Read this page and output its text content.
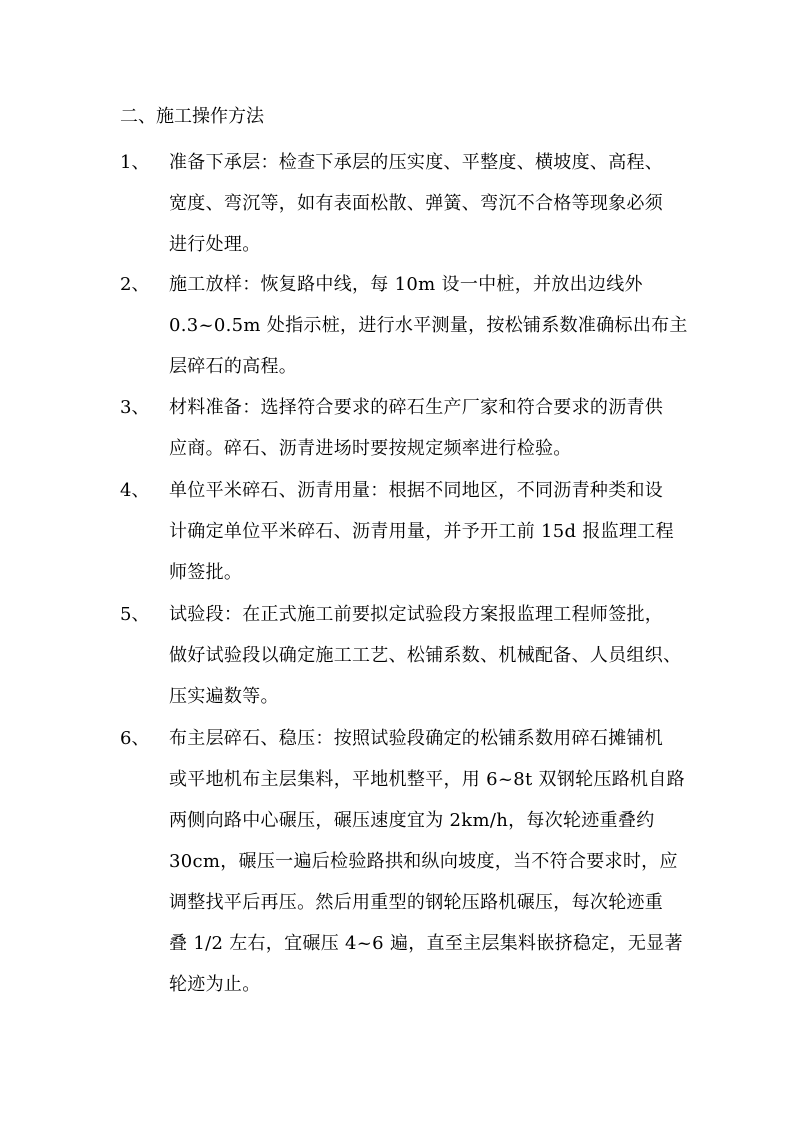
二、施工操作方法
1、 准备下承层：检查下承层的压实度、平整度、横坡度、高程、
宽度、弯沉等，如有表面松散、弹簧、弯沉不合格等现象必须
进行处理。
2、 施工放样：恢复路中线，每 10m 设一中桩，并放出边线外
0.3~0.5m 处指示桩，进行水平测量，按松铺系数准确标出布主
层碎石的高程。
3、 材料准备：选择符合要求的碎石生产厂家和符合要求的沥青供
应商。碎石、沥青进场时要按规定频率进行检验。
4、 单位平米碎石、沥青用量：根据不同地区，不同沥青种类和设
计确定单位平米碎石、沥青用量，并予开工前 15d 报监理工程
师签批。
5、 试验段：在正式施工前要拟定试验段方案报监理工程师签批，
做好试验段以确定施工工艺、松铺系数、机械配备、人员组织、
压实遍数等。
6、 布主层碎石、稳压：按照试验段确定的松铺系数用碎石摊铺机
或平地机布主层集料，平地机整平，用 6~8t 双钢轮压路机自路
两侧向路中心碾压，碾压速度宜为 2km/h，每次轮迹重叠约
30cm，碾压一遍后检验路拱和纵向坡度，当不符合要求时，应
调整找平后再压。然后用重型的钢轮压路机碾压，每次轮迹重
叠 1/2 左右，宜碾压 4~6 遍，直至主层集料嵌挤稳定，无显著
轮迹为止。
